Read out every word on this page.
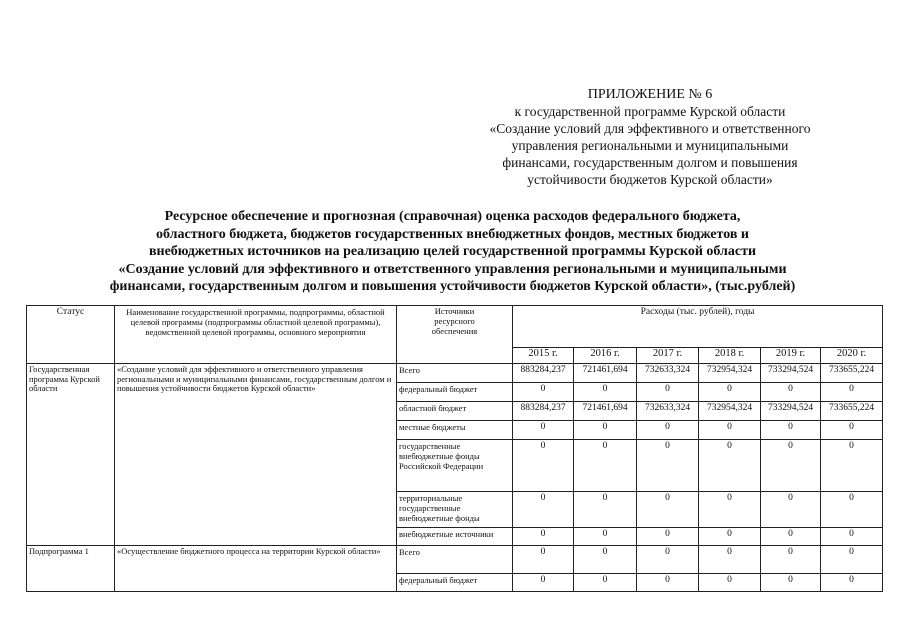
ПРИЛОЖЕНИЕ № 6
к государственной программе Курской области
«Создание условий для эффективного и ответственного
управления региональными и муниципальными
финансами, государственным долгом и повышения
устойчивости бюджетов Курской области»
Ресурсное обеспечение и прогнозная (справочная) оценка расходов федерального бюджета,
областного бюджета, бюджетов государственных внебюджетных фондов, местных бюджетов и
внебюджетных источников на реализацию целей государственной программы Курской области
«Создание условий для эффективного и ответственного управления региональными и муниципальными
финансами, государственным долгом и повышения устойчивости бюджетов Курской области», (тыс.рублей)
Статус	Наименование государственной программы, подпрограммы, областной целевой программы (подпрограммы областной целевой программы), ведомственной целевой программы, основного мероприятия	Источники ресурсного обеспечения	Расходы (тыс. рублей), годы					
			2015 г.	2016 г.	2017 г.	2018 г.	2019 г.	2020 г.
Государственная программа Курской области	«Создание условий для эффективного и ответственного управления региональными и муниципальными финансами, государственным долгом и повышения устойчивости бюджетов Курской области»	Всего	883284,237	721461,694	732633,324	732954,324	733294,524	733655,224
		федеральный бюджет	0	0	0	0	0	0
		областной бюджет	883284,237	721461,694	732633,324	732954,324	733294,524	733655,224
		местные бюджеты	0	0	0	0	0	0
		государственные внебюджетные фонды Российской Федерации	0	0	0	0	0	0
		территориальные государственные внебюджетные фонды	0	0	0	0	0	0
		внебюджетные источники	0	0	0	0	0	0
Подпрограмма 1	«Осуществление бюджетного процесса на территории Курской области»	Всего	0	0	0	0	0	0
		федеральный бюджет	0	0	0	0	0	0
